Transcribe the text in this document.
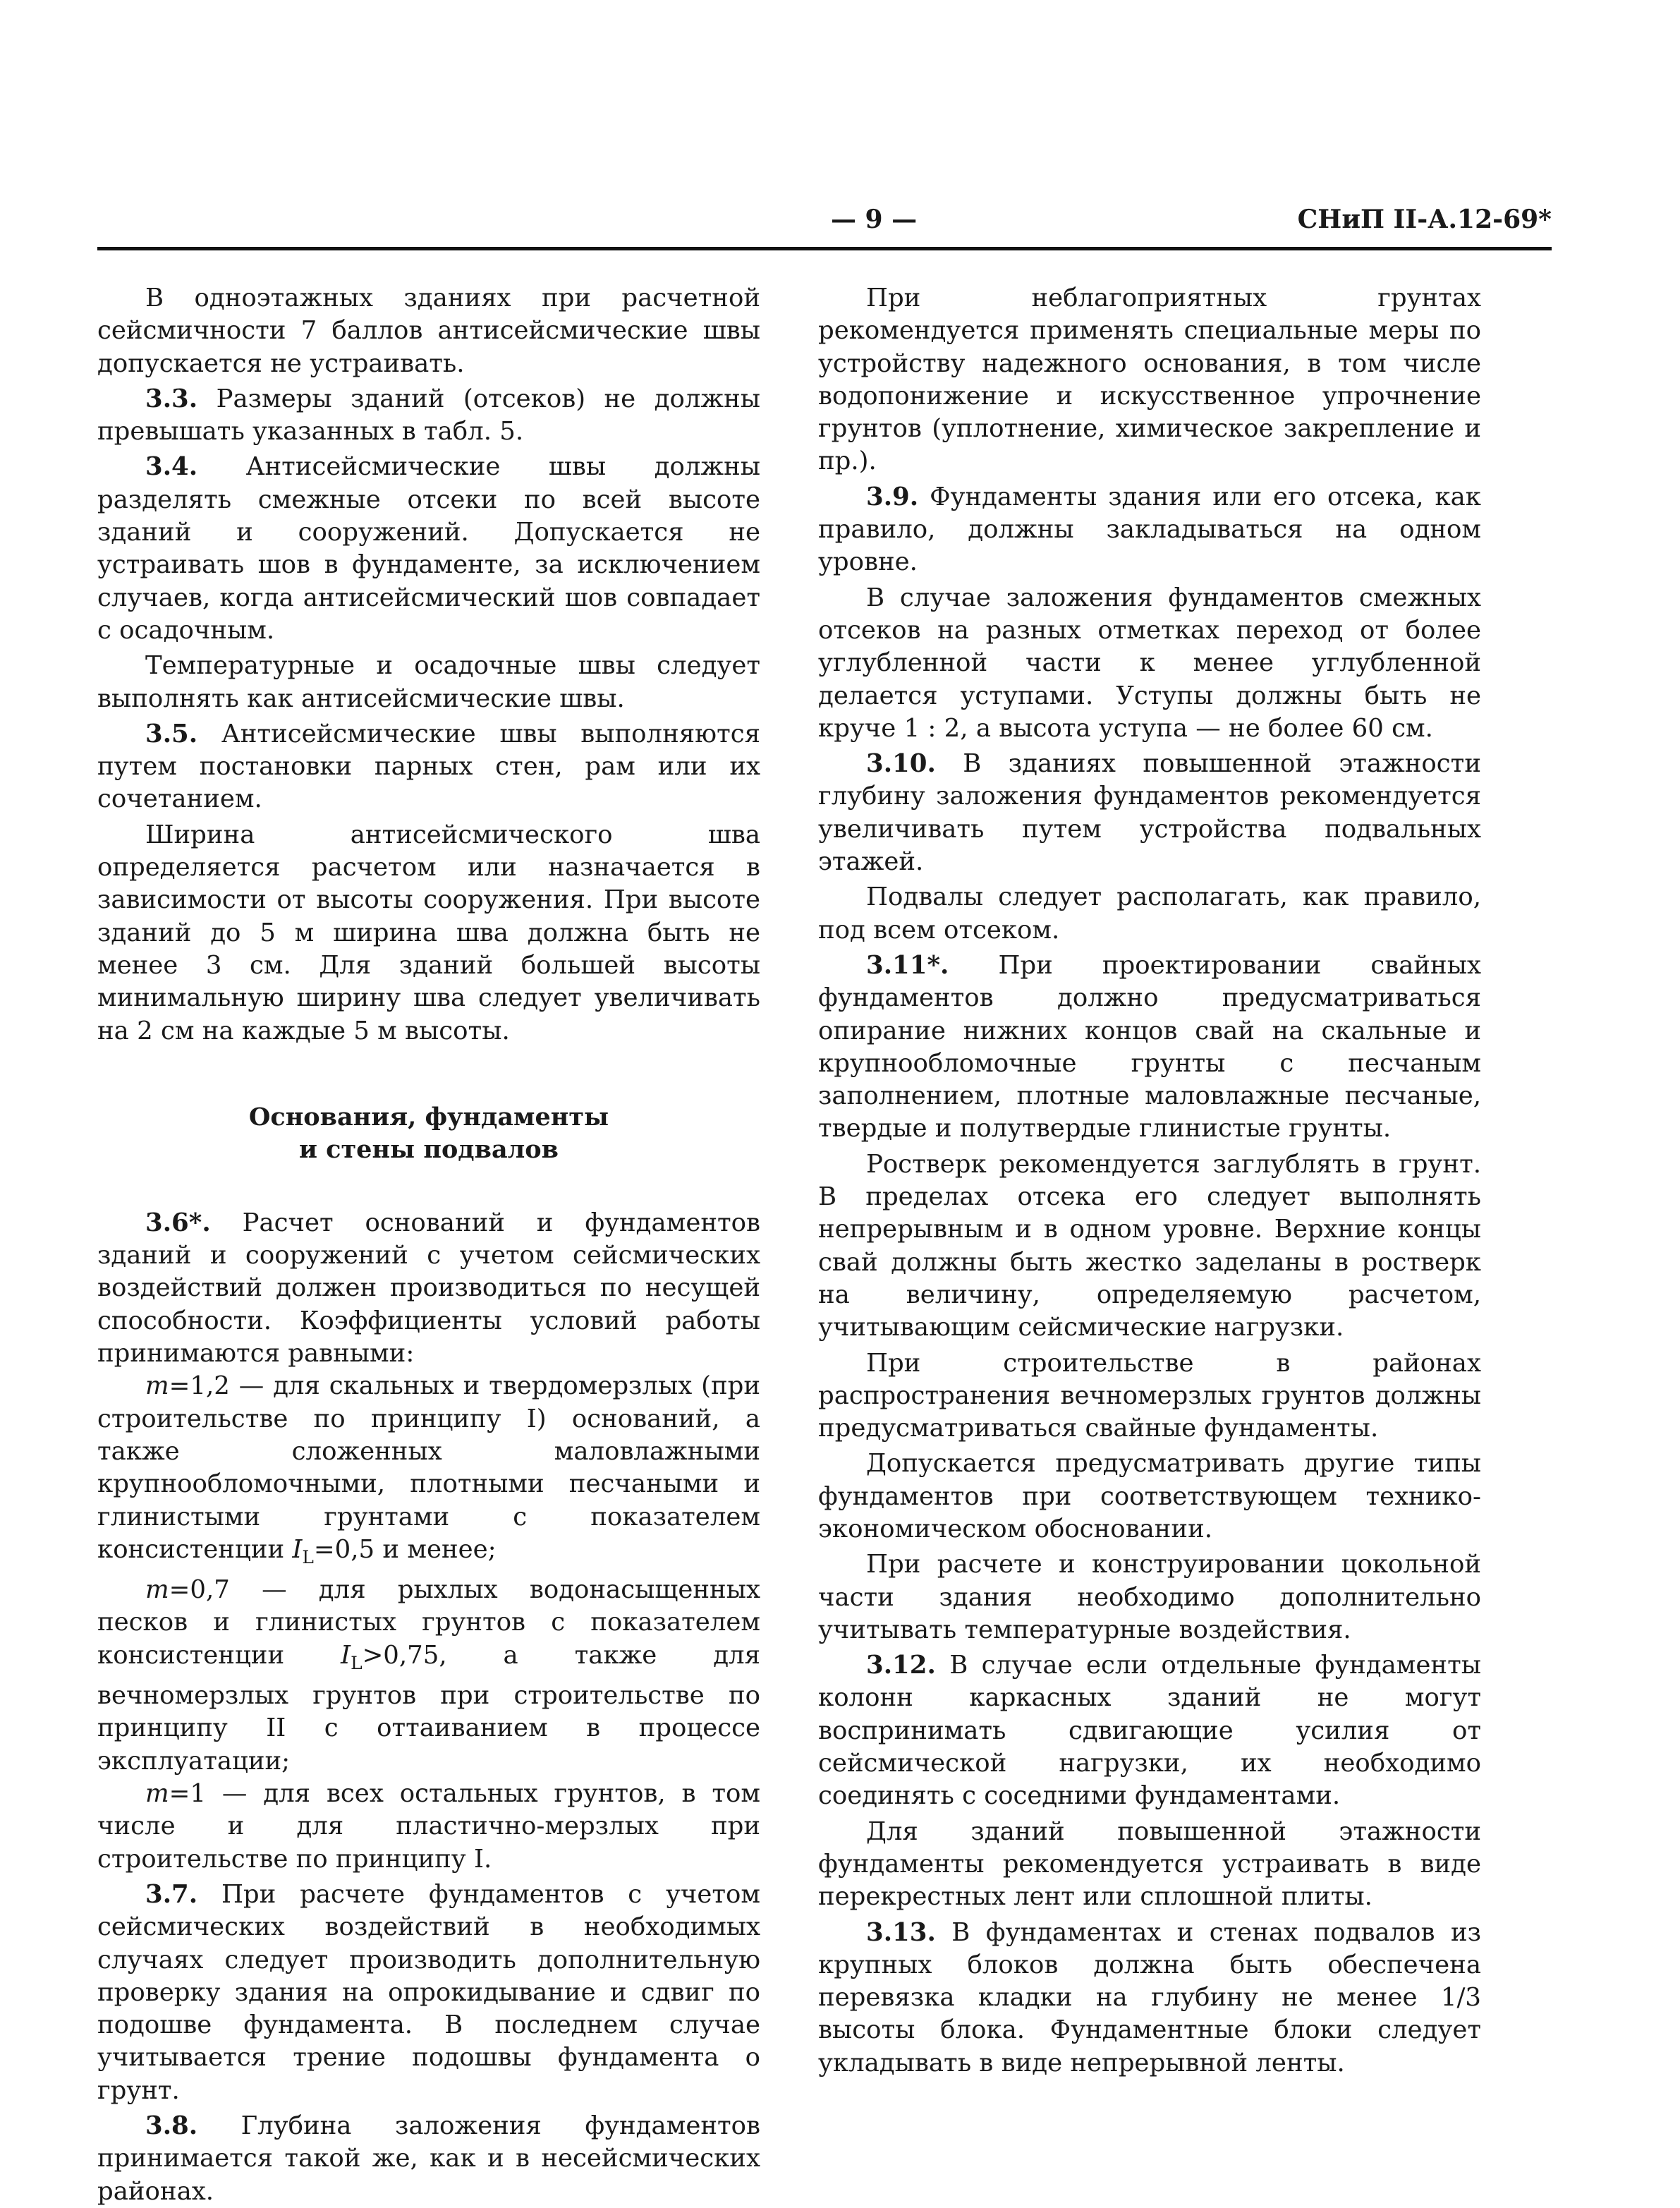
— 9 —	СНиП II-А.12-69*

В одноэтажных зданиях при расчетной сейсмичности 7 баллов антисейсмические швы допускается не устраивать.

3.3. Размеры зданий (отсеков) не должны превышать указанных в табл. 5.

3.4. Антисейсмические швы должны разделять смежные отсеки по всей высоте зданий и сооружений. Допускается не устраивать шов в фундаменте, за исключением случаев, когда антисейсмический шов совпадает с осадочным.

Температурные и осадочные швы следует выполнять как антисейсмические швы.

3.5. Антисейсмические швы выполняются путем постановки парных стен, рам или их сочетанием.

Ширина антисейсмического шва определяется расчетом или назначается в зависимости от высоты сооружения. При высоте зданий до 5 м ширина шва должна быть не менее 3 см. Для зданий большей высоты минимальную ширину шва следует увеличивать на 2 см на каждые 5 м высоты.

Основания, фундаменты
и стены подвалов

3.6*. Расчет оснований и фундаментов зданий и сооружений с учетом сейсмических воздействий должен производиться по несущей способности. Коэффициенты условий работы принимаются равными:

m=1,2 — для скальных и твердомерзлых (при строительстве по принципу I) оснований, а также сложенных маловлажными крупнообломочными, плотными песчаными и глинистыми грунтами с показателем консистенции $I_L=0,5$ и менее;

m=0,7 — для рыхлых водонасыщенных песков и глинистых грунтов с показателем консистенции $I_L>0,75$, а также для вечномерзлых грунтов при строительстве по принципу II с оттаиванием в процессе эксплуатации;

m=1 — для всех остальных грунтов, в том числе и для пластично-мерзлых при строительстве по принципу I.

3.7. При расчете фундаментов с учетом сейсмических воздействий в необходимых случаях следует производить дополнительную проверку здания на опрокидывание и сдвиг по подошве фундамента. В последнем случае учитывается трение подошвы фундамента о грунт.

3.8. Глубина заложения фундаментов принимается такой же, как и в несейсмических районах.

При неблагоприятных грунтах рекомендуется применять специальные меры по устройству надежного основания, в том числе водопонижение и искусственное упрочнение грунтов (уплотнение, химическое закрепление и пр.).

3.9. Фундаменты здания или его отсека, как правило, должны закладываться на одном уровне.

В случае заложения фундаментов смежных отсеков на разных отметках переход от более углубленной части к менее углубленной делается уступами. Уступы должны быть не круче 1 : 2, а высота уступа — не более 60 см.

3.10. В зданиях повышенной этажности глубину заложения фундаментов рекомендуется увеличивать путем устройства подвальных этажей.

Подвалы следует располагать, как правило, под всем отсеком.

3.11*. При проектировании свайных фундаментов должно предусматриваться опирание нижних концов свай на скальные и крупнообломочные грунты с песчаным заполнением, плотные маловлажные песчаные, твердые и полутвердые глинистые грунты.

Ростверк рекомендуется заглублять в грунт. В пределах отсека его следует выполнять непрерывным и в одном уровне. Верхние концы свай должны быть жестко заделаны в ростверк на величину, определяемую расчетом, учитывающим сейсмические нагрузки.

При строительстве в районах распространения вечномерзлых грунтов должны предусматриваться свайные фундаменты.

Допускается предусматривать другие типы фундаментов при соответствующем технико-экономическом обосновании.

При расчете и конструировании цокольной части здания необходимо дополнительно учитывать температурные воздействия.

3.12. В случае если отдельные фундаменты колонн каркасных зданий не могут воспринимать сдвигающие усилия от сейсмической нагрузки, их необходимо соединять с соседними фундаментами.

Для зданий повышенной этажности фундаменты рекомендуется устраивать в виде перекрестных лент или сплошной плиты.

3.13. В фундаментах и стенах подвалов из крупных блоков должна быть обеспечена перевязка кладки на глубину не менее 1/3 высоты блока. Фундаментные блоки следует укладывать в виде непрерывной ленты.
